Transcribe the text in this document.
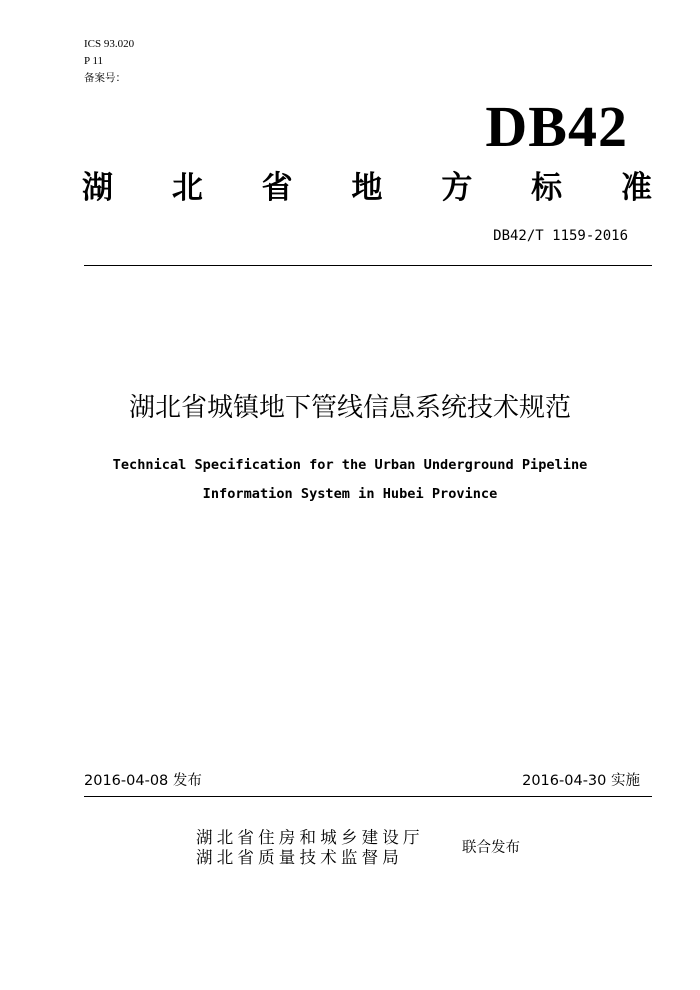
ICS 93.020
P 11
备案号：
DB42
湖 北 省 地 方 标 准
DB42/T 1159-2016
湖北省城镇地下管线信息系统技术规范
Technical Specification for the Urban Underground Pipeline
Information System in Hubei Province
2016-04-08 发布	2016-04-30 实施
湖北省住房和城乡建设厅
湖北省质量技术监督局	联合发布
